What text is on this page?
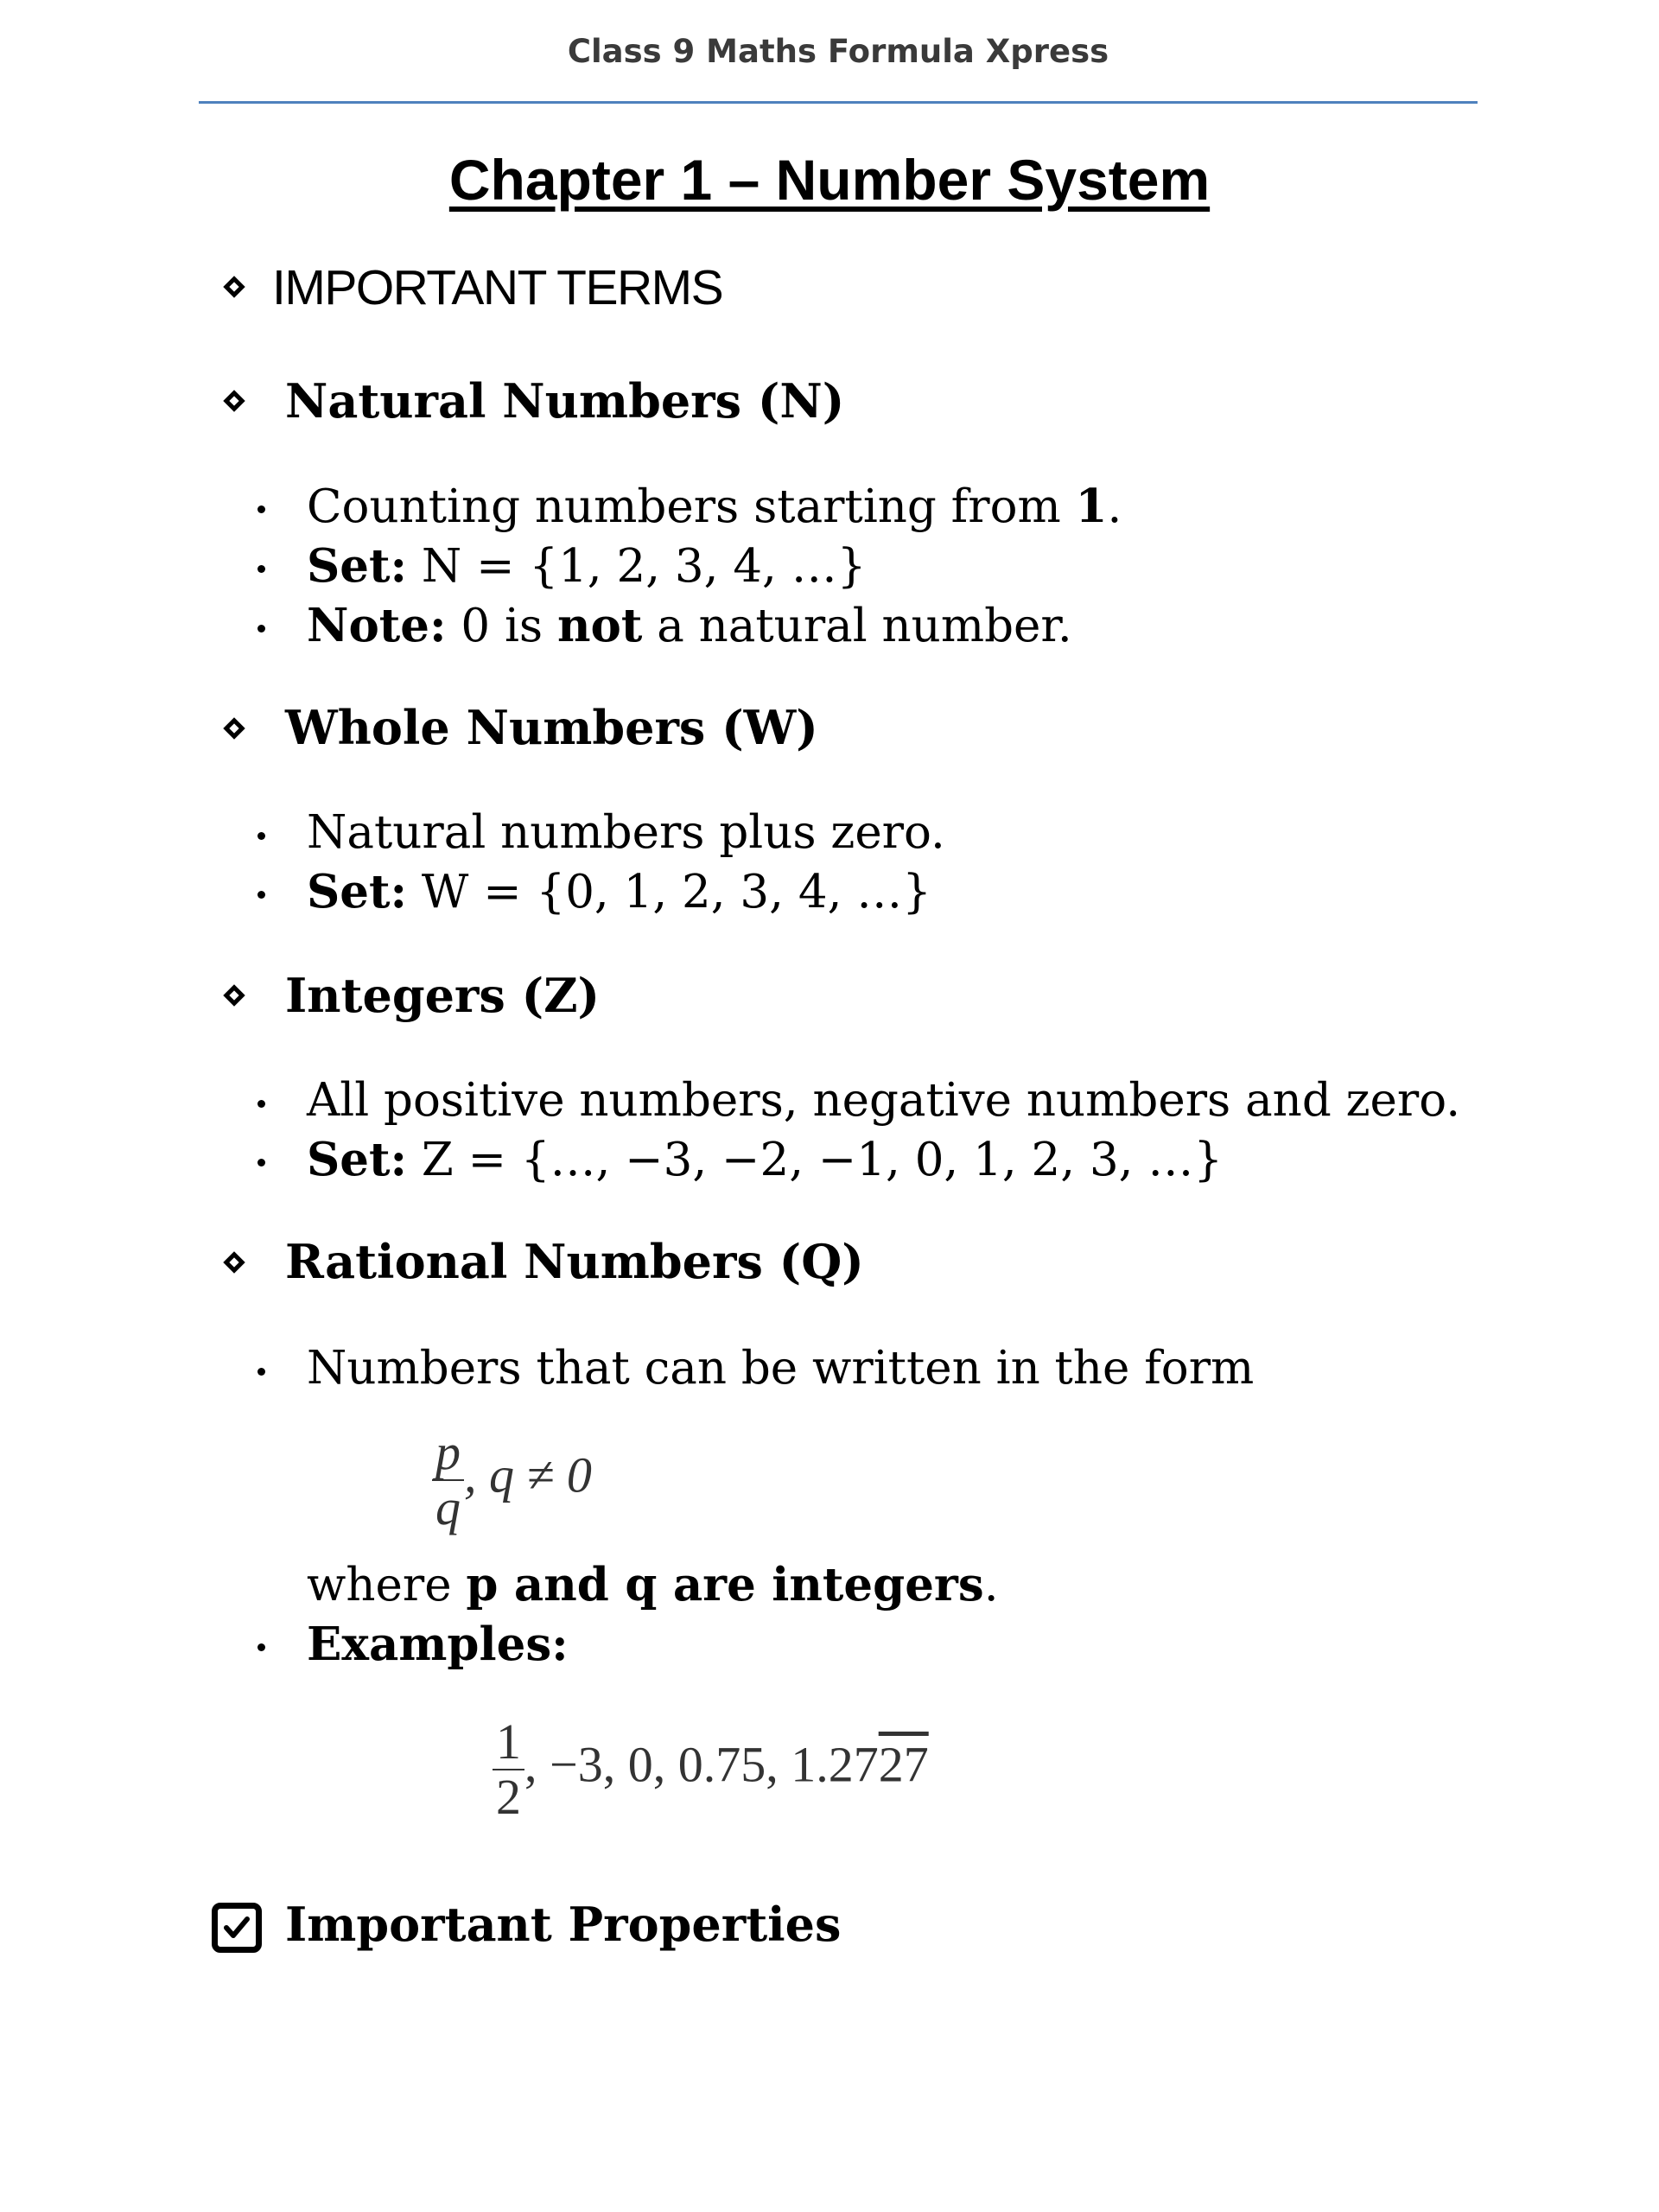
Class 9 Maths Formula Xpress
Chapter 1 – Number System
IMPORTANT TERMS
Natural Numbers (N)
Counting numbers starting from 1.
Set: N = {1, 2, 3, 4, …}
Note: 0 is not a natural number.
Whole Numbers (W)
Natural numbers plus zero.
Set: W = {0, 1, 2, 3, 4, …}
Integers (Z)
All positive numbers, negative numbers and zero.
Set: Z = {…, −3, −2, −1, 0, 1, 2, 3, …}
Rational Numbers (Q)
Numbers that can be written in the form
$\frac{p}{q}$ , q ≠ 0
where p and q are integers.
Examples:
$\frac{1}{2}$ , −3, 0, 0.75, 1.2727
Important Properties
